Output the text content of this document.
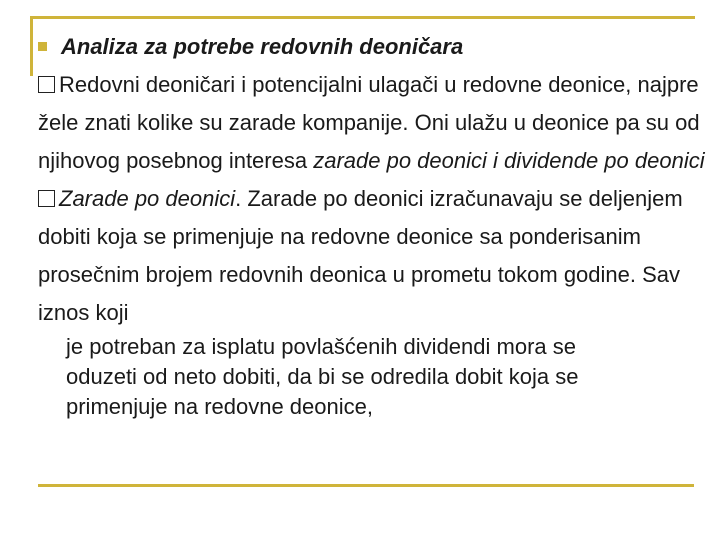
Analiza za potrebe redovnih deoničara

Redovni deoničari i potencijalni ulagači u redovne deonice, najpre žele znati kolike su zarade kompanije. Oni ulažu u deonice pa su od njihovog posebnog interesa zarade po deonici i dividende po deonici

Zarade po deonici. Zarade po deonici izračunavaju se deljenjem dobiti koja se primenjuje na redovne deonice sa ponderisanim prosečnim brojem redovnih deonica u prometu tokom godine. Sav iznos koji

je potreban za isplatu povlašćenih dividendi mora se
oduzeti od neto dobiti, da bi se odredila dobit koja se
primenjuje na redovne deonice,
